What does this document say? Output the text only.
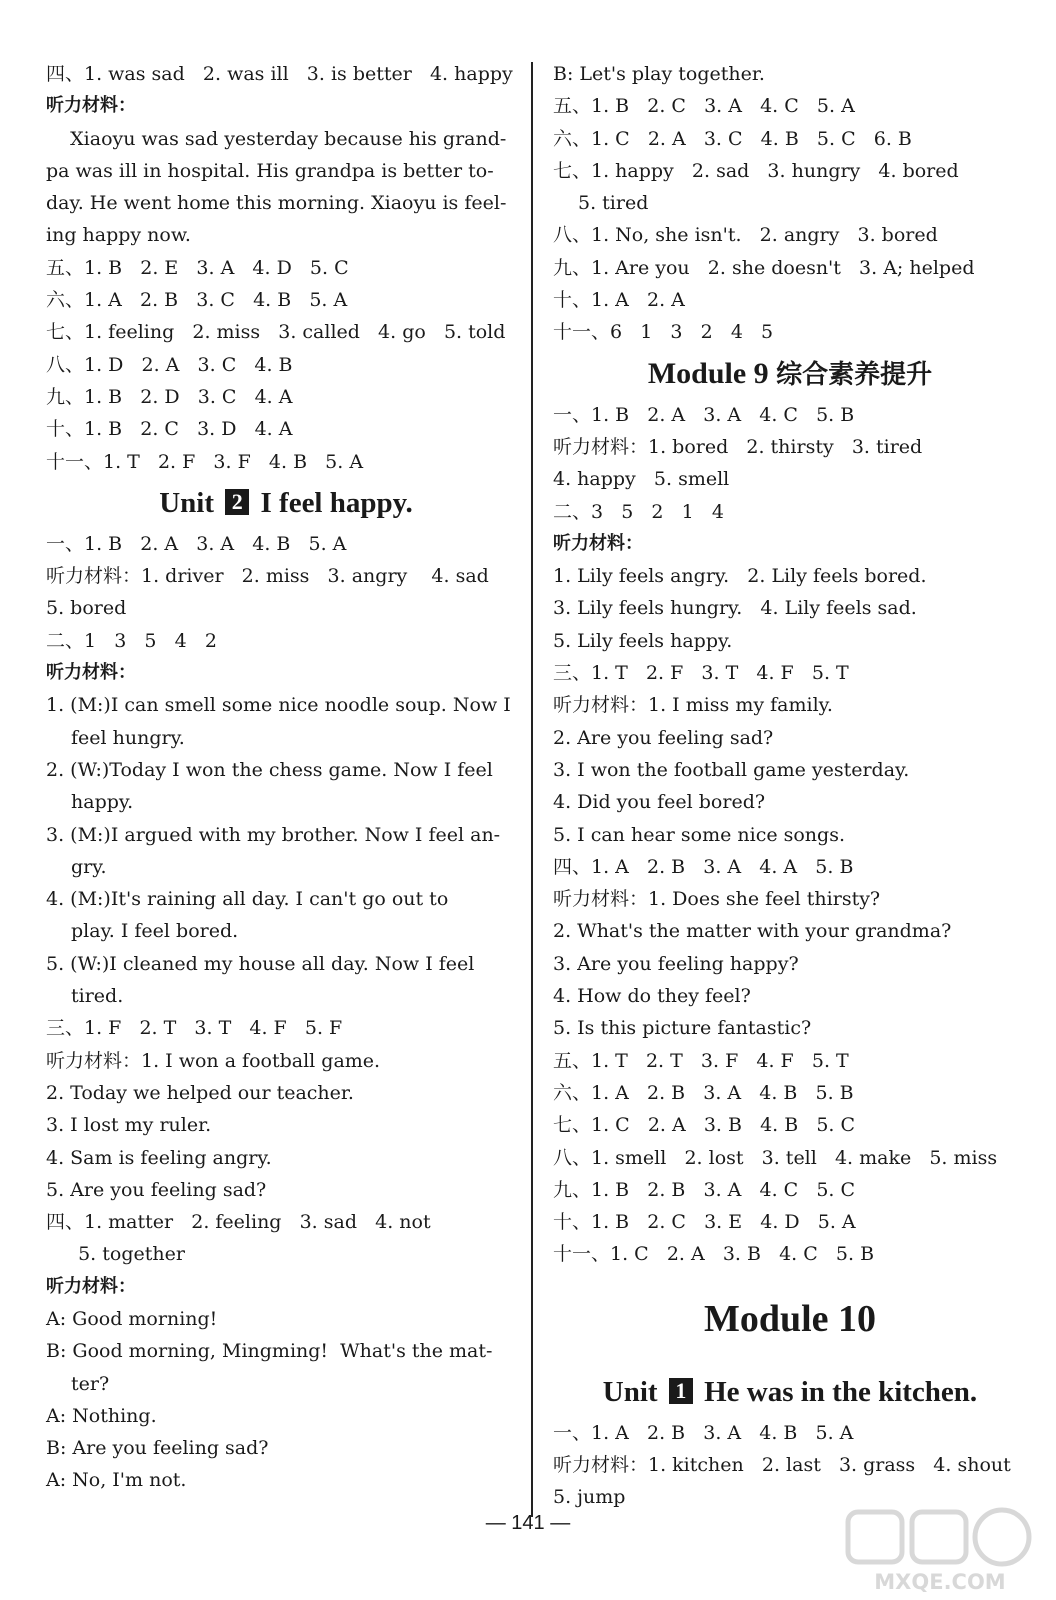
四、1. was sad   2. was ill   3. is better   4. happy
听力材料：
Xiaoyu was sad yesterday because his grand-
pa was ill in hospital. His grandpa is better to-
day. He went home this morning. Xiaoyu is feel-
ing happy now.
五、1. B   2. E   3. A   4. D   5. C
六、1. A   2. B   3. C   4. B   5. A
七、1. feeling   2. miss   3. called   4. go   5. told
八、1. D   2. A   3. C   4. B
九、1. B   2. D   3. C   4. A
十、1. B   2. C   3. D   4. A
十一、1. T   2. F   3. F   4. B   5. A
Unit 2 I feel happy.
一、1. B   2. A   3. A   4. B   5. A
听力材料：1. driver   2. miss   3. angry    4. sad
5. bored
二、1   3   5   4   2
听力材料：
1. (M:)I can smell some nice noodle soup. Now I
feel hungry.
2. (W:)Today I won the chess game. Now I feel
happy.
3. (M:)I argued with my brother. Now I feel an-
gry.
4. (M:)It's raining all day. I can't go out to
play. I feel bored.
5. (W:)I cleaned my house all day. Now I feel
tired.
三、1. F   2. T   3. T   4. F   5. F
听力材料：1. I won a football game.
2. Today we helped our teacher.
3. I lost my ruler.
4. Sam is feeling angry.
5. Are you feeling sad?
四、1. matter   2. feeling   3. sad   4. not
5. together
听力材料：
A: Good morning!
B: Good morning, Mingming!  What's the mat-
ter?
A: Nothing.
B: Are you feeling sad?
A: No, I'm not.
B: Let's play together.
五、1. B   2. C   3. A   4. C   5. A
六、1. C   2. A   3. C   4. B   5. C   6. B
七、1. happy   2. sad   3. hungry   4. bored
5. tired
八、1. No, she isn't.   2. angry   3. bored
九、1. Are you   2. she doesn't   3. A; helped
十、1. A   2. A
十一、6   1   3   2   4   5
Module 9 综合素养提升
一、1. B   2. A   3. A   4. C   5. B
听力材料：1. bored   2. thirsty   3. tired
4. happy   5. smell
二、3   5   2   1   4
听力材料：
1. Lily feels angry.   2. Lily feels bored.
3. Lily feels hungry.   4. Lily feels sad.
5. Lily feels happy.
三、1. T   2. F   3. T   4. F   5. T
听力材料：1. I miss my family.
2. Are you feeling sad?
3. I won the football game yesterday.
4. Did you feel bored?
5. I can hear some nice songs.
四、1. A   2. B   3. A   4. A   5. B
听力材料：1. Does she feel thirsty?
2. What's the matter with your grandma?
3. Are you feeling happy?
4. How do they feel?
5. Is this picture fantastic?
五、1. T   2. T   3. F   4. F   5. T
六、1. A   2. B   3. A   4. B   5. B
七、1. C   2. A   3. B   4. B   5. C
八、1. smell   2. lost   3. tell   4. make   5. miss
九、1. B   2. B   3. A   4. C   5. C
十、1. B   2. C   3. E   4. D   5. A
十一、1. C   2. A   3. B   4. C   5. B
Module 10
Unit 1 He was in the kitchen.
一、1. A   2. B   3. A   4. B   5. A
听力材料：1. kitchen   2. last   3. grass   4. shout
5. jump
— 141 —
MXQE.COM
